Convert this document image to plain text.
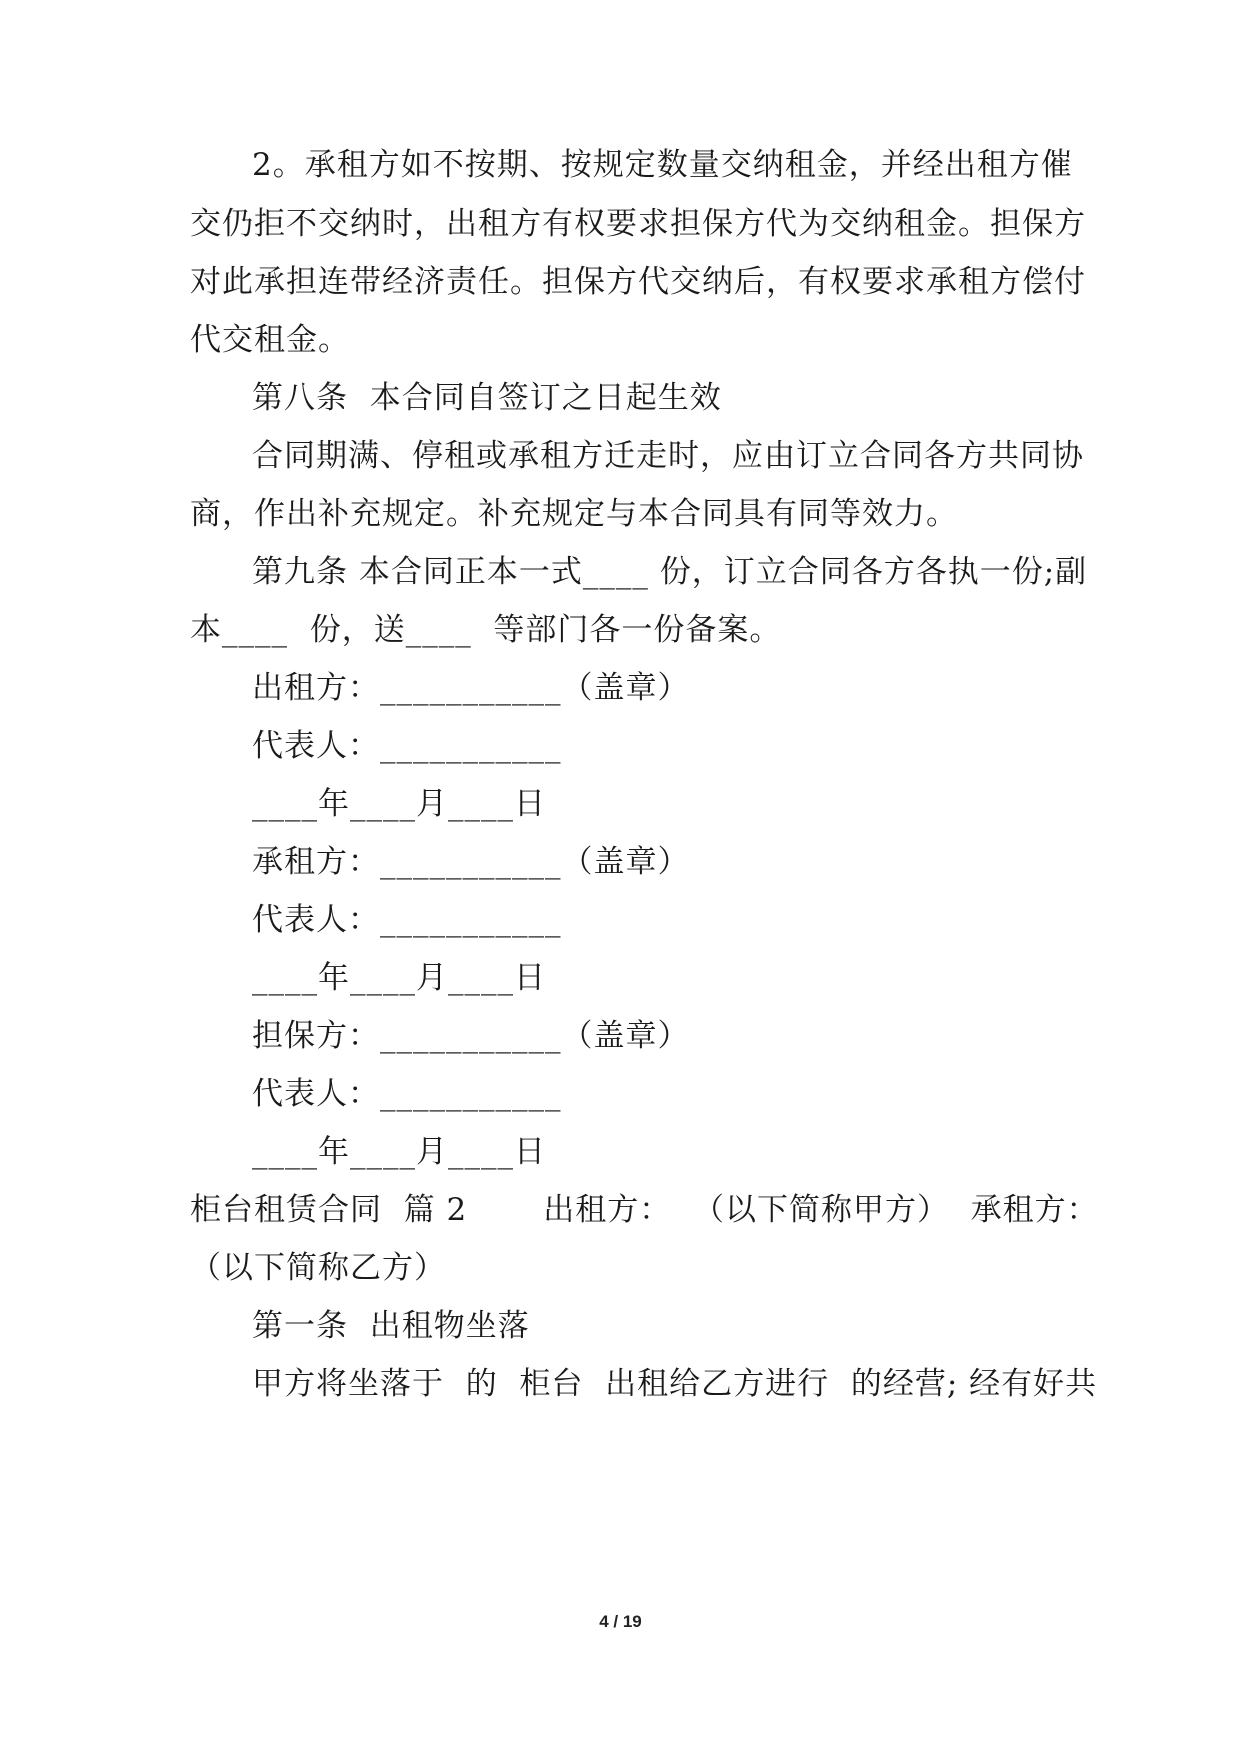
2。承租方如不按期、按规定数量交纳租金，并经出租方催
交仍拒不交纳时，出租方有权要求担保方代为交纳租金。担保方
对此承担连带经济责任。担保方代交纳后，有权要求承租方偿付
代交租金。
第八条  本合同自签订之日起生效
合同期满、停租或承租方迁走时，应由订立合同各方共同协
商，作出补充规定。补充规定与本合同具有同等效力。
第九条 本合同正本一式____ 份，订立合同各方各执一份;副
本____  份，送____  等部门各一份备案。
出租方：___________（盖章）
代表人：___________
____年____月____日
承租方：___________（盖章）
代表人：___________
____年____月____日
担保方：___________（盖章）
代表人：___________
____年____月____日
柜台租赁合同  篇 2       出租方：  （以下简称甲方）  承租方：
（以下简称乙方）
第一条  出租物坐落
甲方将坐落于  的  柜台  出租给乙方进行  的经营; 经有好共
4 / 19
